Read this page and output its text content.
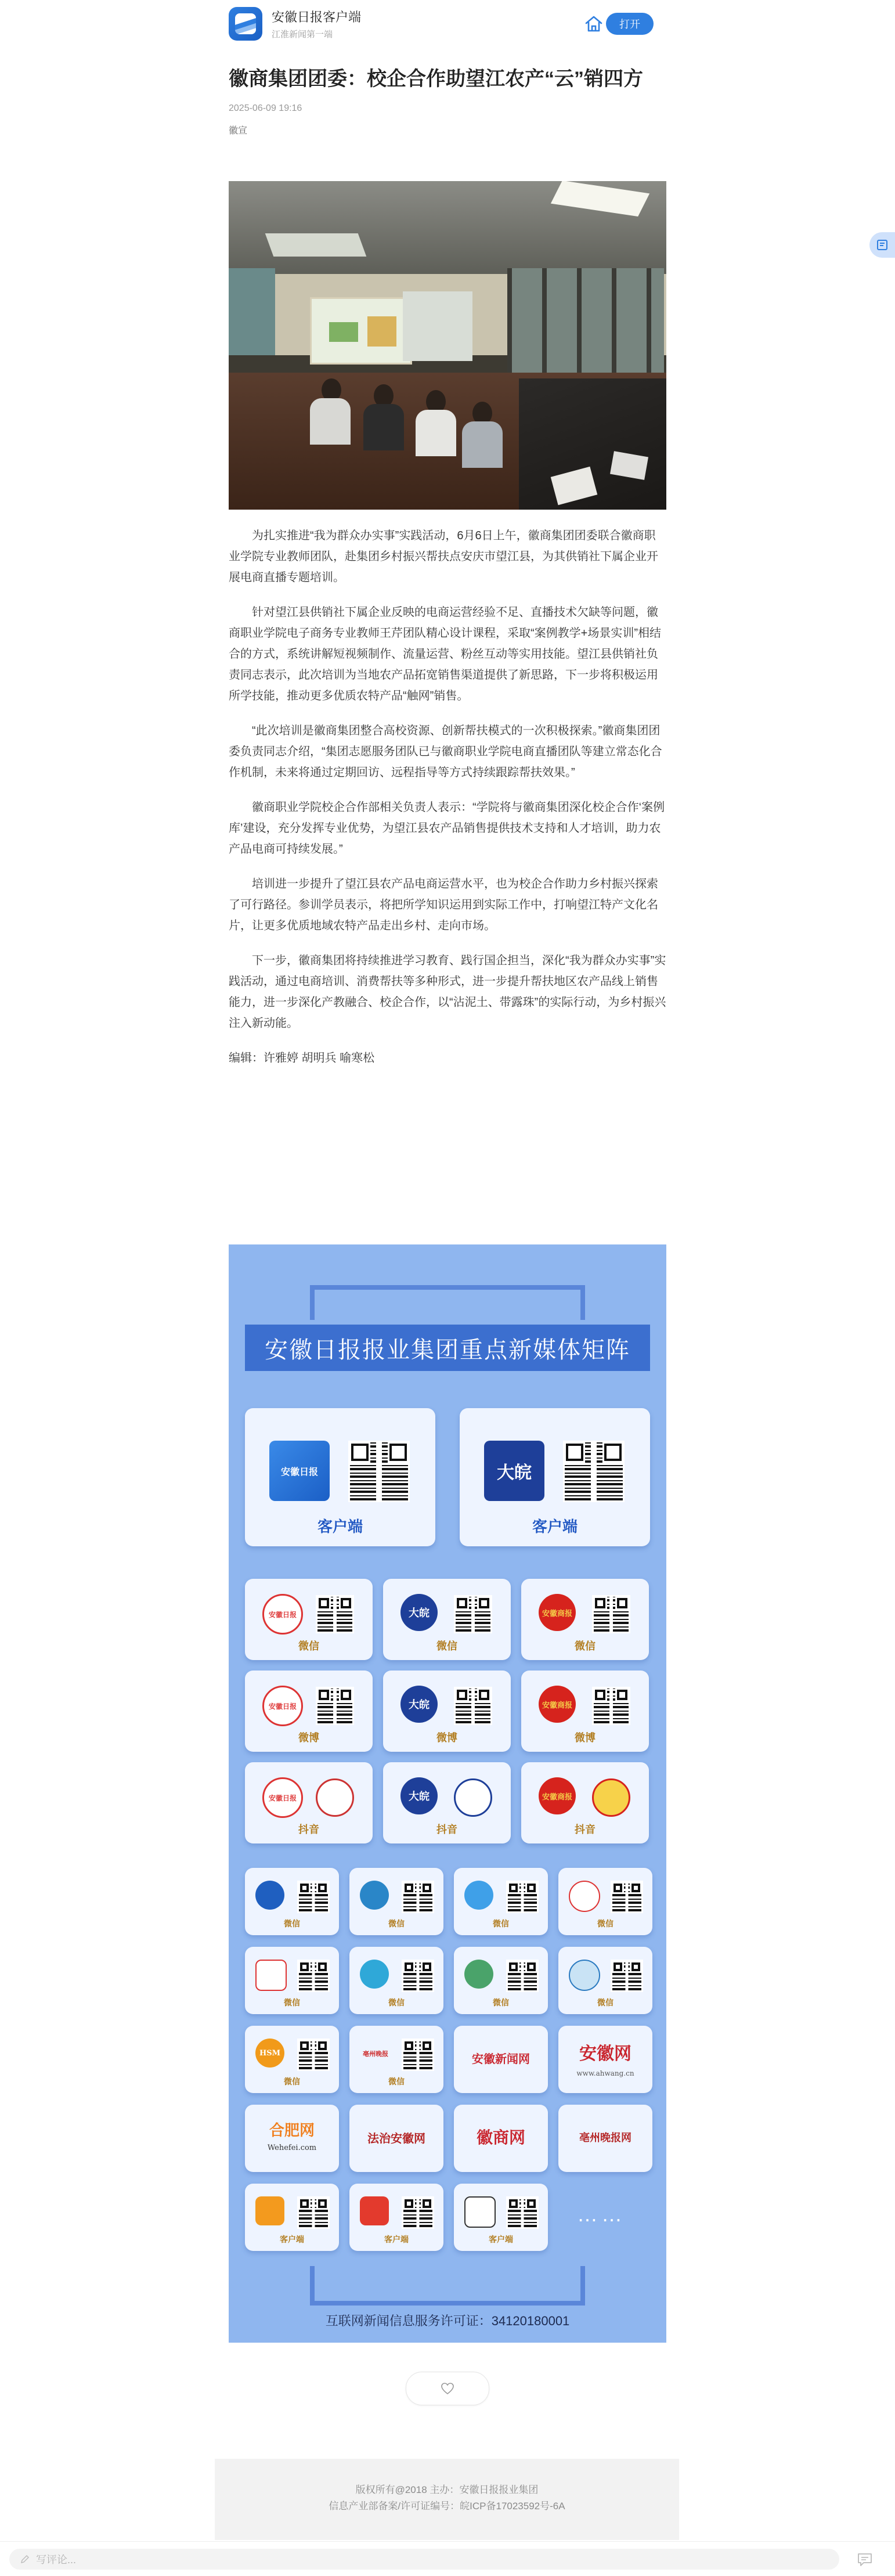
安徽日报客户端
江淮新闻第一端
打开
徽商集团团委：校企合作助望江农产“云”销四方
2025-06-09 19:16
徽宣

为扎实推进“我为群众办实事”实践活动，6月6日上午，徽商集团团委联合徽商职业学院专业教师团队，赴集团乡村振兴帮扶点安庆市望江县，为其供销社下属企业开展电商直播专题培训。

针对望江县供销社下属企业反映的电商运营经验不足、直播技术欠缺等问题，徽商职业学院电子商务专业教师王芹团队精心设计课程，采取“案例教学+场景实训”相结合的方式，系统讲解短视频制作、流量运营、粉丝互动等实用技能。望江县供销社负责同志表示，此次培训为当地农产品拓宽销售渠道提供了新思路，下一步将积极运用所学技能，推动更多优质农特产品“触网”销售。

“此次培训是徽商集团整合高校资源、创新帮扶模式的一次积极探索。”徽商集团团委负责同志介绍，“集团志愿服务团队已与徽商职业学院电商直播团队等建立常态化合作机制，未来将通过定期回访、远程指导等方式持续跟踪帮扶效果。”

徽商职业学院校企合作部相关负责人表示：“学院将与徽商集团深化校企合作‘案例库’建设，充分发挥专业优势，为望江县农产品销售提供技术支持和人才培训，助力农产品电商可持续发展。”

培训进一步提升了望江县农产品电商运营水平，也为校企合作助力乡村振兴探索了可行路径。参训学员表示，将把所学知识运用到实际工作中，打响望江特产文化名片，让更多优质地域农特产品走出乡村、走向市场。

下一步，徽商集团将持续推进学习教育、践行国企担当，深化“我为群众办实事”实践活动，通过电商培训、消费帮扶等多种形式，进一步提升帮扶地区农产品线上销售能力，进一步深化产教融合、校企合作，以“沾泥土、带露珠”的实际行动，为乡村振兴注入新动能。

编辑：许雅婷 胡明兵 喻寒松

安徽日报报业集团重点新媒体矩阵
安徽日报
客户端
大皖
客户端
安徽日报
微信
大皖
微信
安徽商报
微信
安徽日报
微博
大皖
微博
安徽商报
微博
安徽日报
抖音
大皖
抖音
安徽商报
抖音
微信	微信	微信	微信
微信	微信	微信	微信
HSM
微信
亳州晚报
微信
安徽新闻网	安徽网
www.ahwang.cn
合肥网
Wehefei.com
法治安徽网	徽商网	亳州晚报网
客户端	客户端	客户端
……
互联网新闻信息服务许可证：34120180001
版权所有@2018 主办：安徽日报报业集团
信息产业部备案/许可证编号：皖ICP备17023592号-6A
写评论...
